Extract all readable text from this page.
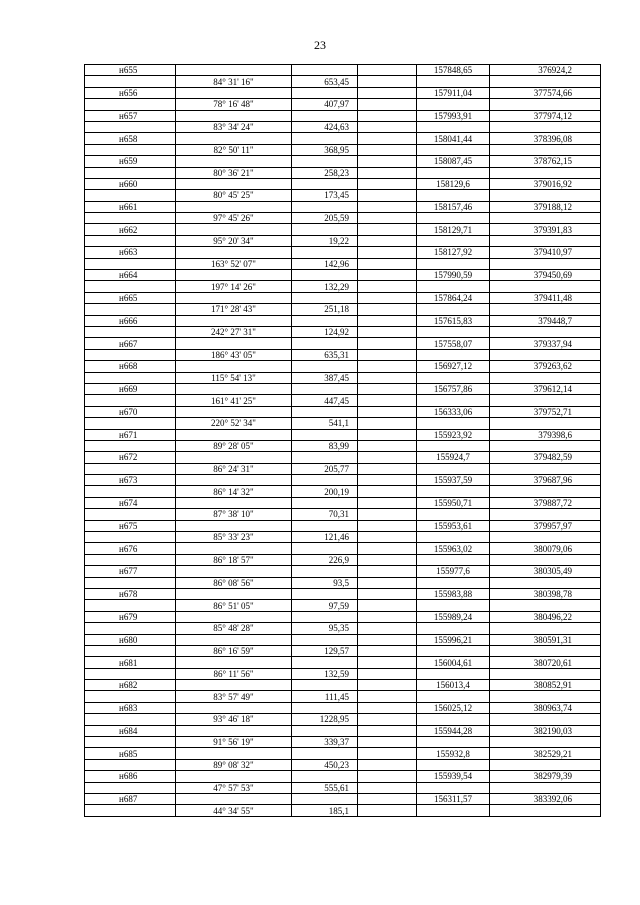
23
н655				157848,65	376924,2
	84° 31' 16"	653,45			
н656				157911,04	377574,66
	78° 16' 48"	407,97			
н657				157993,91	377974,12
	83° 34' 24"	424,63			
н658				158041,44	378396,08
	82° 50' 11"	368,95			
н659				158087,45	378762,15
	80° 36' 21"	258,23			
н660				158129,6	379016,92
	80° 45' 25"	173,45			
н661				158157,46	379188,12
	97° 45' 26"	205,59			
н662				158129,71	379391,83
	95° 20' 34"	19,22			
н663				158127,92	379410,97
	163° 52' 07"	142,96			
н664				157990,59	379450,69
	197° 14' 26"	132,29			
н665				157864,24	379411,48
	171° 28' 43"	251,18			
н666				157615,83	379448,7
	242° 27' 31"	124,92			
н667				157558,07	379337,94
	186° 43' 05"	635,31			
н668				156927,12	379263,62
	115° 54' 13"	387,45			
н669				156757,86	379612,14
	161° 41' 25"	447,45			
н670				156333,06	379752,71
	220° 52' 34"	541,1			
н671				155923,92	379398,6
	89° 28' 05"	83,99			
н672				155924,7	379482,59
	86° 24' 31"	205,77			
н673				155937,59	379687,96
	86° 14' 32"	200,19			
н674				155950,71	379887,72
	87° 38' 10"	70,31			
н675				155953,61	379957,97
	85° 33' 23"	121,46			
н676				155963,02	380079,06
	86° 18' 57"	226,9			
н677				155977,6	380305,49
	86° 08' 56"	93,5			
н678				155983,88	380398,78
	86° 51' 05"	97,59			
н679				155989,24	380496,22
	85° 48' 28"	95,35			
н680				155996,21	380591,31
	86° 16' 59"	129,57			
н681				156004,61	380720,61
	86° 11' 56"	132,59			
н682				156013,4	380852,91
	83° 57' 49"	111,45			
н683				156025,12	380963,74
	93° 46' 18"	1228,95			
н684				155944,28	382190,03
	91° 56' 19"	339,37			
н685				155932,8	382529,21
	89° 08' 32"	450,23			
н686				155939,54	382979,39
	47° 57' 53"	555,61			
н687				156311,57	383392,06
	44° 34' 55"	185,1			
